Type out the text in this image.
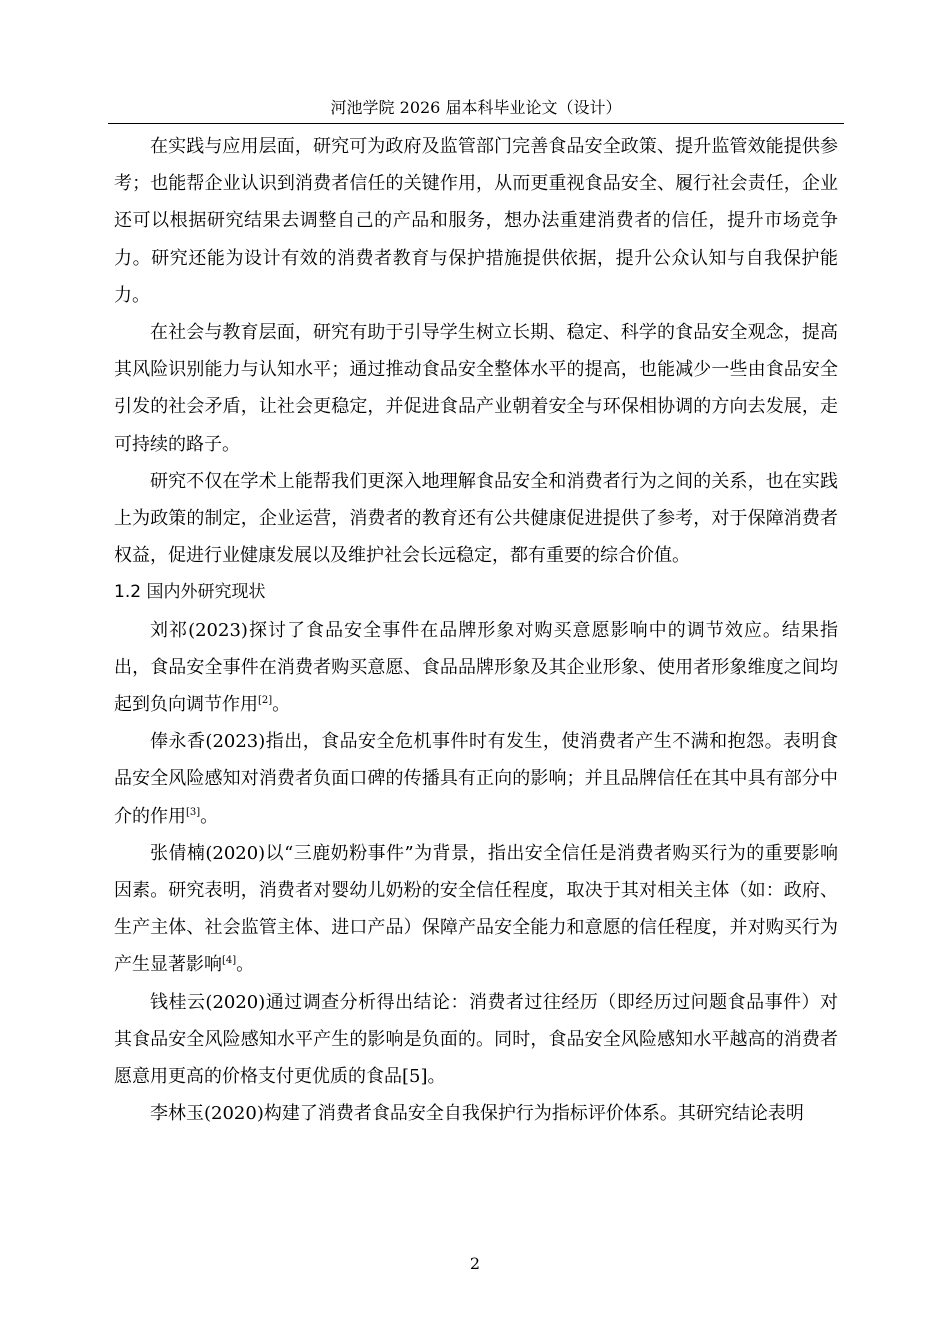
河池学院 2026 届本科毕业论文（设计）

在实践与应用层面，研究可为政府及监管部门完善食品安全政策、提升监管效能提供参考；也能帮企业认识到消费者信任的关键作用，从而更重视食品安全、履行社会责任，企业还可以根据研究结果去调整自己的产品和服务，想办法重建消费者的信任，提升市场竞争力。研究还能为设计有效的消费者教育与保护措施提供依据，提升公众认知与自我保护能力。

在社会与教育层面，研究有助于引导学生树立长期、稳定、科学的食品安全观念，提高其风险识别能力与认知水平；通过推动食品安全整体水平的提高，也能减少一些由食品安全引发的社会矛盾，让社会更稳定，并促进食品产业朝着安全与环保相协调的方向去发展，走可持续的路子。

研究不仅在学术上能帮我们更深入地理解食品安全和消费者行为之间的关系，也在实践上为政策的制定，企业运营，消费者的教育还有公共健康促进提供了参考，对于保障消费者权益，促进行业健康发展以及维护社会长远稳定，都有重要的综合价值。

1.2 国内外研究现状

刘祁(2023)探讨了食品安全事件在品牌形象对购买意愿影响中的调节效应。结果指出，食品安全事件在消费者购买意愿、食品品牌形象及其企业形象、使用者形象维度之间均起到负向调节作用[2]。

俸永香(2023)指出，食品安全危机事件时有发生，使消费者产生不满和抱怨。表明食品安全风险感知对消费者负面口碑的传播具有正向的影响；并且品牌信任在其中具有部分中介的作用[3]。

张倩楠(2020)以“三鹿奶粉事件”为背景，指出安全信任是消费者购买行为的重要影响因素。研究表明，消费者对婴幼儿奶粉的安全信任程度，取决于其对相关主体（如：政府、生产主体、社会监管主体、进口产品）保障产品安全能力和意愿的信任程度，并对购买行为产生显著影响[4]。

钱桂云(2020)通过调查分析得出结论：消费者过往经历（即经历过问题食品事件）对其食品安全风险感知水平产生的影响是负面的。同时，食品安全风险感知水平越高的消费者愿意用更高的价格支付更优质的食品[5]。

李林玉(2020)构建了消费者食品安全自我保护行为指标评价体系。其研究结论表明

2
